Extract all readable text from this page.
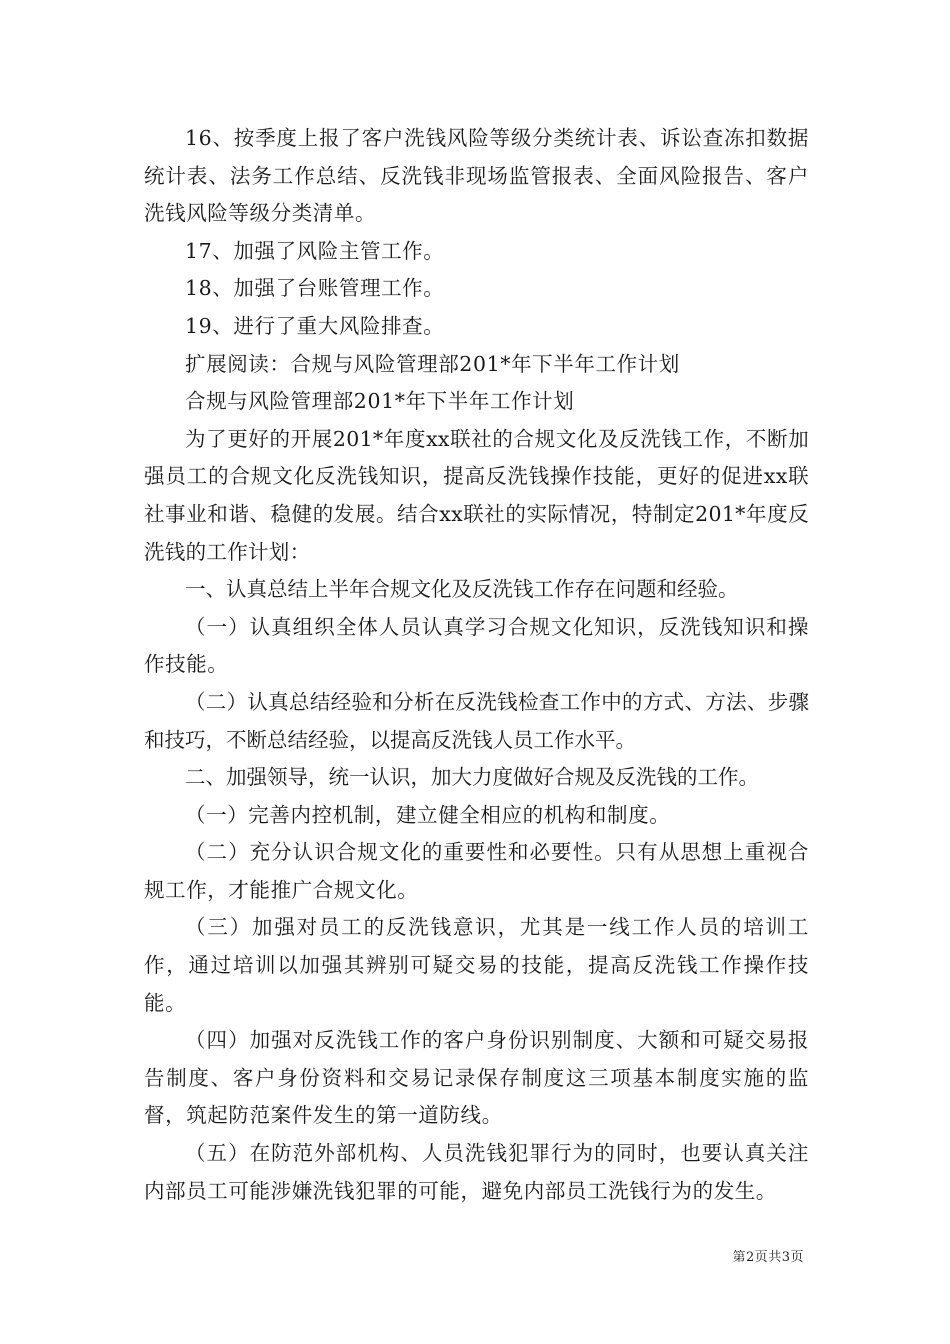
16、按季度上报了客户洗钱风险等级分类统计表、诉讼查冻扣数据统计表、法务工作总结、反洗钱非现场监管报表、全面风险报告、客户洗钱风险等级分类清单。

17、加强了风险主管工作。

18、加强了台账管理工作。

19、进行了重大风险排查。

扩展阅读：合规与风险管理部201*年下半年工作计划

合规与风险管理部201*年下半年工作计划

为了更好的开展201*年度xx联社的合规文化及反洗钱工作，不断加强员工的合规文化反洗钱知识，提高反洗钱操作技能，更好的促进xx联社事业和谐、稳健的发展。结合xx联社的实际情况，特制定201*年度反洗钱的工作计划：

一、认真总结上半年合规文化及反洗钱工作存在问题和经验。

（一）认真组织全体人员认真学习合规文化知识，反洗钱知识和操作技能。

（二）认真总结经验和分析在反洗钱检查工作中的方式、方法、步骤和技巧，不断总结经验，以提高反洗钱人员工作水平。

二、加强领导，统一认识，加大力度做好合规及反洗钱的工作。

（一）完善内控机制，建立健全相应的机构和制度。

（二）充分认识合规文化的重要性和必要性。只有从思想上重视合规工作，才能推广合规文化。

（三）加强对员工的反洗钱意识，尤其是一线工作人员的培训工作，通过培训以加强其辨别可疑交易的技能，提高反洗钱工作操作技能。

（四）加强对反洗钱工作的客户身份识别制度、大额和可疑交易报告制度、客户身份资料和交易记录保存制度这三项基本制度实施的监督，筑起防范案件发生的第一道防线。

（五）在防范外部机构、人员洗钱犯罪行为的同时，也要认真关注内部员工可能涉嫌洗钱犯罪的可能，避免内部员工洗钱行为的发生。

第2页共3页
